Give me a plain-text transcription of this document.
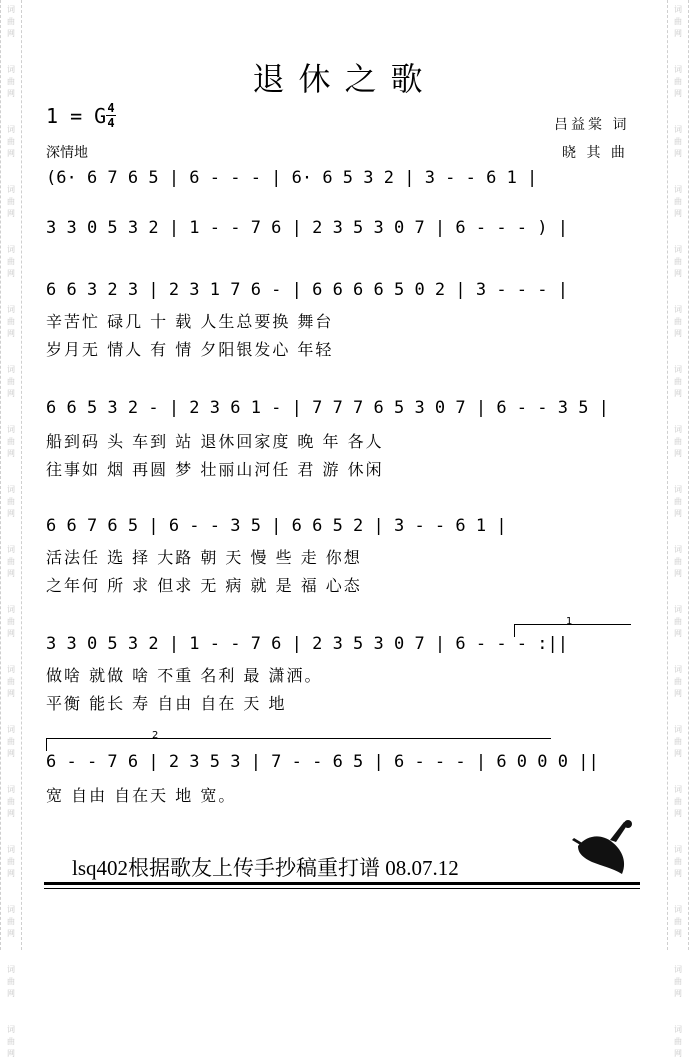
词曲网
词曲网
词曲网
词曲网
词曲网
词曲网
词曲网
词曲网
词曲网
词曲网
词曲网
词曲网
词曲网
词曲网
词曲网
词曲网
词曲网
词曲网
词曲网
词曲网
词曲网
词曲网
词曲网
词曲网
词曲网
词曲网
词曲网
词曲网
词曲网
词曲网
词曲网
词曲网
词曲网
词曲网
词曲网
词曲网
退休之歌
1 = G 4
4
深情地
吕益棠 词
晓 其 曲
(6· 6 7 6 5 | 6 - - - | 6· 6 5 3 2 | 3 - - 6 1 |
3 3 0 5 3 2 | 1 - - 7 6 | 2 3 5 3 0 7 | 6 - - - ) |
6 6 3 2 3 | 2 3 1 7 6 - | 6 6 6 6 5 0 2 | 3 - - - |
辛苦忙 碌几 十 载 人生总要换 舞台
岁月无 情人 有 情 夕阳银发心 年轻
6 6 5 3 2 - | 2 3 6 1 - | 7 7 7 6 5 3 0 7 | 6 - - 3 5 |
船到码 头 车到 站 退休回家度 晚 年 各人
往事如 烟 再圆 梦 壮丽山河任 君 游 休闲
6 6 7 6 5 | 6 - - 3 5 | 6 6 5 2 | 3 - - 6 1 |
活法任 选 择 大路 朝 天 慢 些 走 你想
之年何 所 求 但求 无 病 就 是 福 心态
1
3 3 0 5 3 2 | 1 - - 7 6 | 2 3 5 3 0 7 | 6 - - - :||
做啥 就做 啥 不重 名利 最 潇洒。
平衡 能长 寿 自由 自在 天 地
2
6 - - 7 6 | 2 3 5 3 | 7 - - 6 5 | 6 - - - | 6 0 0 0 ||
宽 自由 自在天 地 宽。
lsq402根据歌友上传手抄稿重打谱 08.07.12
